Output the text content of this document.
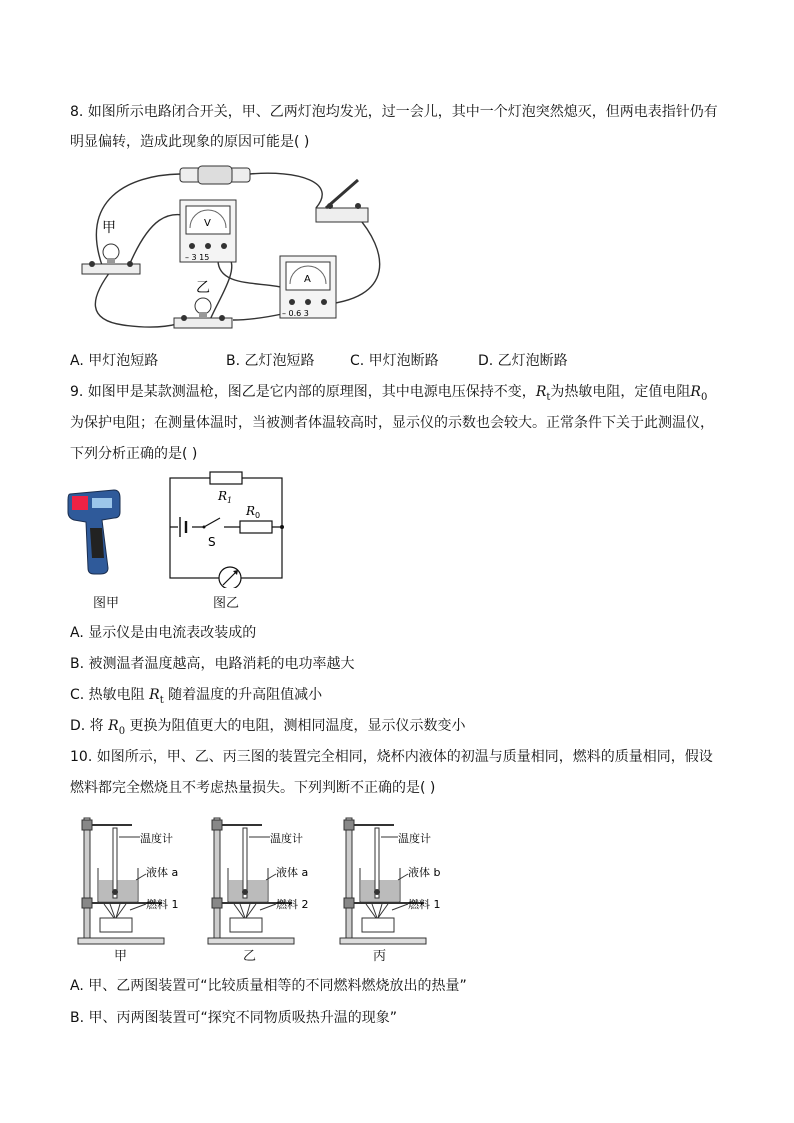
8. 如图所示电路闭合开关，甲、乙两灯泡均发光，过一会儿，其中一个灯泡突然熄灭，但两电表指针仍有
明显偏转，造成此现象的原因可能是( )
V
– 3 15
A
– 0.6 3
甲
乙
A. 甲灯泡短路	B. 乙灯泡短路	C. 甲灯泡断路	D. 乙灯泡断路
9. 如图甲是某款测温枪，图乙是它内部的原理图，其中电源电压保持不变，$R_t$为热敏电阻，定值电阻$R_0$
为保护电阻；在测量体温时，当被测者体温较高时，显示仪的示数也会较大。正常条件下关于此测温仪，
下列分析正确的是( )
图甲
$R_1$
S
$R_0$
图乙
A. 显示仪是由电流表改装成的
B. 被测温者温度越高，电路消耗的电功率越大
C. 热敏电阻 $R_t$ 随着温度的升高阻值减小
D. 将 $R_0$ 更换为阻值更大的电阻，测相同温度，显示仪示数变小
10. 如图所示，甲、乙、丙三图的装置完全相同，烧杯内液体的初温与质量相同，燃料的质量相同，假设
燃料都完全燃烧且不考虑热量损失。下列判断不正确的是( )
温度计
液体 a
燃料 1
甲
温度计
液体 a
燃料 2
乙
温度计
液体 b
燃料 1
丙
A. 甲、乙两图装置可“比较质量相等的不同燃料燃烧放出的热量”
B. 甲、丙两图装置可“探究不同物质吸热升温的现象”
